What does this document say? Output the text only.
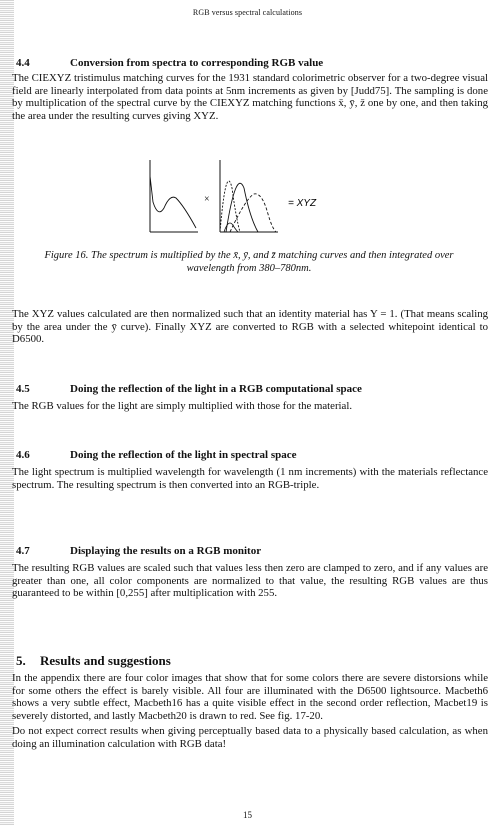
RGB versus spectral calculations
4.4	Conversion from spectra to corresponding RGB value

The CIEXYZ tristimulus matching curves for the 1931 standard colorimetric observer for a two-degree visual field are linearly interpolated from data points at 5nm increments as given by [Judd75]. The sampling is done by multiplication of the spectral curve by the CIEXYZ matching functions x̄, ȳ, z̄ one by one, and then taking the area under the resulting curves giving XYZ.

×	= XYZ
Figure 16. The spectrum is multiplied by the x̄, ȳ, and z̄ matching curves and then integrated over wavelength from 380–780nm.

The XYZ values calculated are then normalized such that an identity material has Y = 1. (That means scaling by the area under the ȳ curve). Finally XYZ are converted to RGB with a selected whitepoint identical to D6500.

4.5	Doing the reflection of the light in a RGB computational space

The RGB values for the light are simply multiplied with those for the material.

4.6	Doing the reflection of the light in spectral space

The light spectrum is multiplied wavelength for wavelength (1 nm increments) with the materials reflectance spectrum. The resulting spectrum is then converted into an RGB-triple.

4.7	Displaying the results on a RGB monitor

The resulting RGB values are scaled such that values less then zero are clamped to zero, and if any values are greater than one, all color components are normalized to that value, the resulting RGB values are thus guaranteed to be within [0,255] after multiplication with 255.

5. Results and suggestions

In the appendix there are four color images that show that for some colors there are severe distorsions while for some others the effect is barely visible. All four are illuminated with the D6500 lightsource. Macbeth6 shows a very subtle effect, Macbeth16 has a quite visible effect in the second order reflection, Macbet19 is severely distorted, and lastly Macbeth20 is drawn to red. See fig. 17-20.

Do not expect correct results when giving perceptually based data to a physically based calculation, as when doing an illumination calculation with RGB data!

15
